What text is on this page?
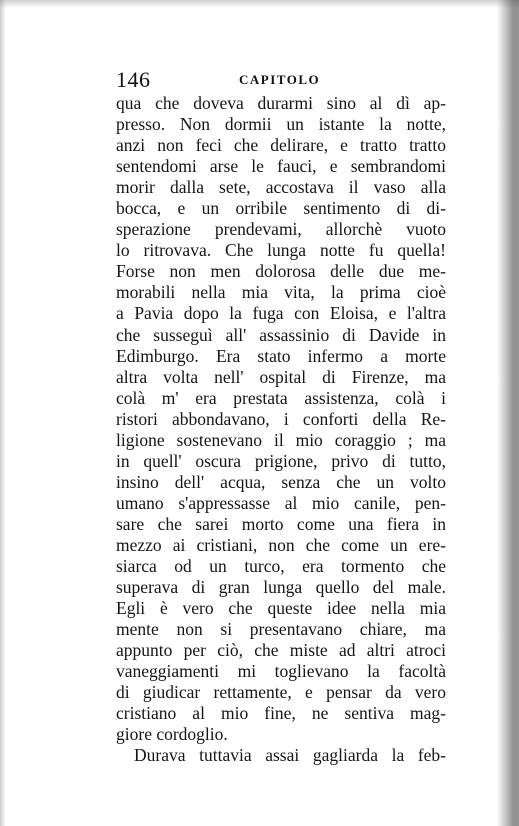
146	CAPITOLO
qua che doveva durarmi sino al dì ap-
presso. Non dormii un istante la notte,
anzi non feci che delirare, e tratto tratto
sentendomi arse le fauci, e sembrandomi
morir dalla sete, accostava il vaso alla
bocca, e un orribile sentimento di di-
sperazione prendevami, allorchè vuoto
lo ritrovava. Che lunga notte fu quella!
Forse non men dolorosa delle due me-
morabili nella mia vita, la prima cioè
a Pavia dopo la fuga con Eloisa, e l'altra
che susseguì all' assassinio di Davide in
Edimburgo. Era stato infermo a morte
altra volta nell' ospital di Firenze, ma
colà m' era prestata assistenza, colà i
ristori abbondavano, i conforti della Re-
ligione sostenevano il mio coraggio ; ma
in quell' oscura prigione, privo di tutto,
insino dell' acqua, senza che un volto
umano s'appressasse al mio canile, pen-
sare che sarei morto come una fiera in
mezzo ai cristiani, non che come un ere-
siarca od un turco, era tormento che
superava di gran lunga quello del male.
Egli è vero che queste idee nella mia
mente non si presentavano chiare, ma
appunto per ciò, che miste ad altri atroci
vaneggiamenti mi toglievano la facoltà
di giudicar rettamente, e pensar da vero
cristiano al mio fine, ne sentiva mag-
giore cordoglio.
Durava tuttavia assai gagliarda la feb-
